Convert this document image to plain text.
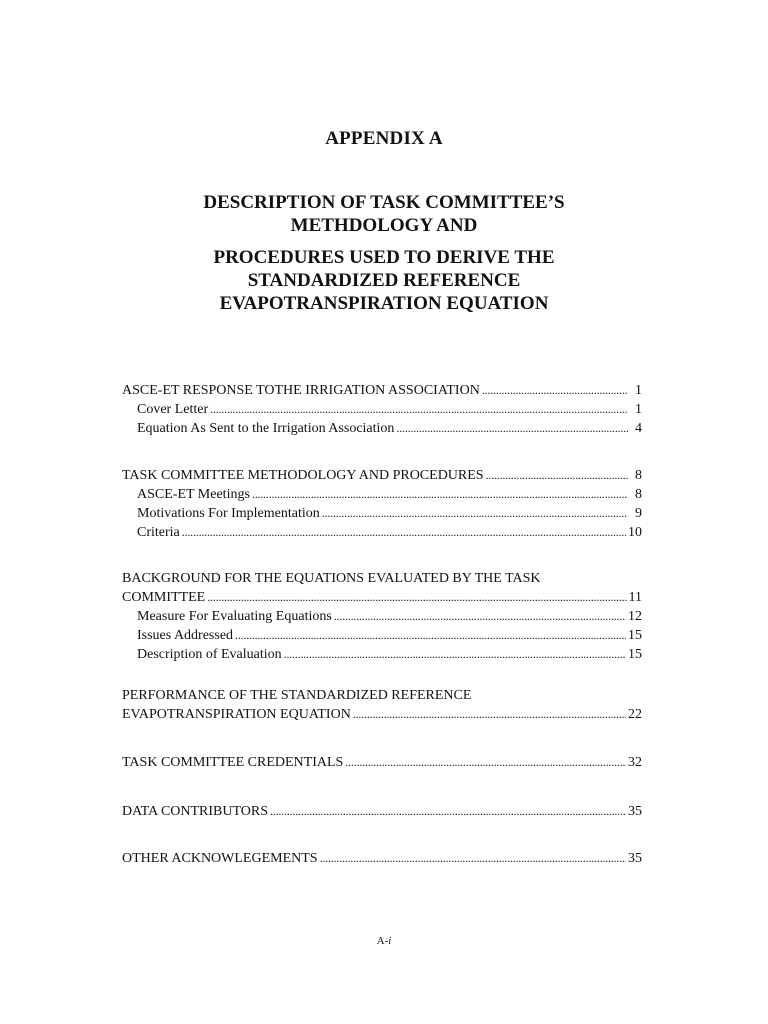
APPENDIX A
DESCRIPTION OF TASK COMMITTEE’S
METHDOLOGY AND
PROCEDURES USED TO DERIVE THE
STANDARDIZED REFERENCE
EVAPOTRANSPIRATION EQUATION
ASCE-ET RESPONSE TOTHE IRRIGATION ASSOCIATION . . .	1
Cover Letter . . .	1
Equation As Sent to the Irrigation Association . . .	4
TASK COMMITTEE METHODOLOGY AND PROCEDURES . . .	8
ASCE-ET Meetings . . .	8
Motivations For Implementation . . .	9
Criteria . . .	10
BACKGROUND FOR THE EQUATIONS EVALUATED BY THE TASK
COMMITTEE . . .	11
Measure For Evaluating Equations . . .	12
Issues Addressed . . .	15
Description of Evaluation . . .	15
PERFORMANCE OF THE STANDARDIZED REFERENCE
EVAPOTRANSPIRATION EQUATION . . .	22
TASK COMMITTEE CREDENTIALS . . .	32
DATA CONTRIBUTORS . . .	35
OTHER ACKNOWLEGEMENTS . . .	35
A-i
